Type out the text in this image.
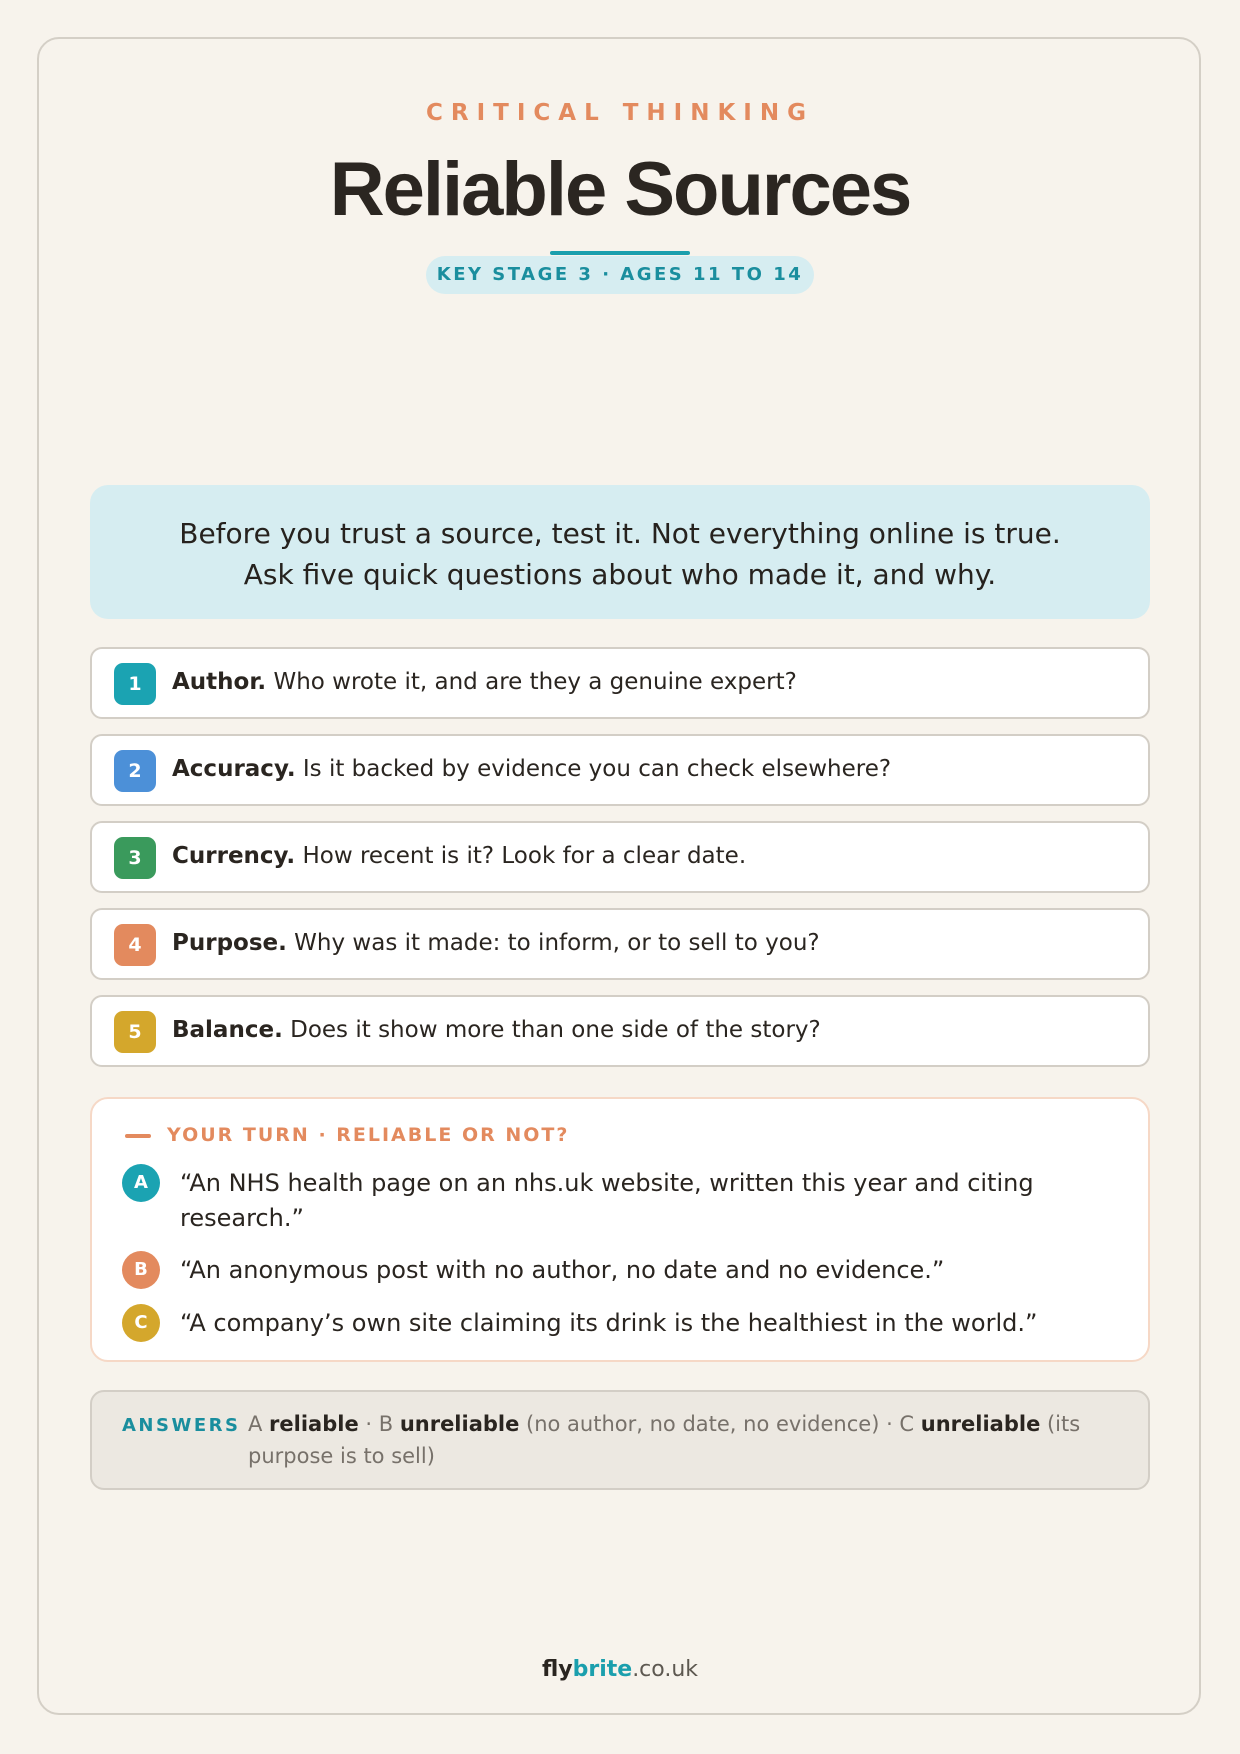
CRITICAL THINKING
Reliable Sources
KEY STAGE 3 · AGES 11 TO 14
Before you trust a source, test it. Not everything online is true. Ask five quick questions about who made it, and why.
1	Author. Who wrote it, and are they a genuine expert?
2	Accuracy. Is it backed by evidence you can check elsewhere?
3	Currency. How recent is it? Look for a clear date.
4	Purpose. Why was it made: to inform, or to sell to you?
5	Balance. Does it show more than one side of the story?
YOUR TURN · RELIABLE OR NOT?
A	“An NHS health page on an nhs.uk website, written this year and citing research.”
B	“An anonymous post with no author, no date and no evidence.”
C	“A company’s own site claiming its drink is the healthiest in the world.”
ANSWERS A reliable · B unreliable (no author, no date, no evidence) · C unreliable (its purpose is to sell)
flybrite.co.uk
